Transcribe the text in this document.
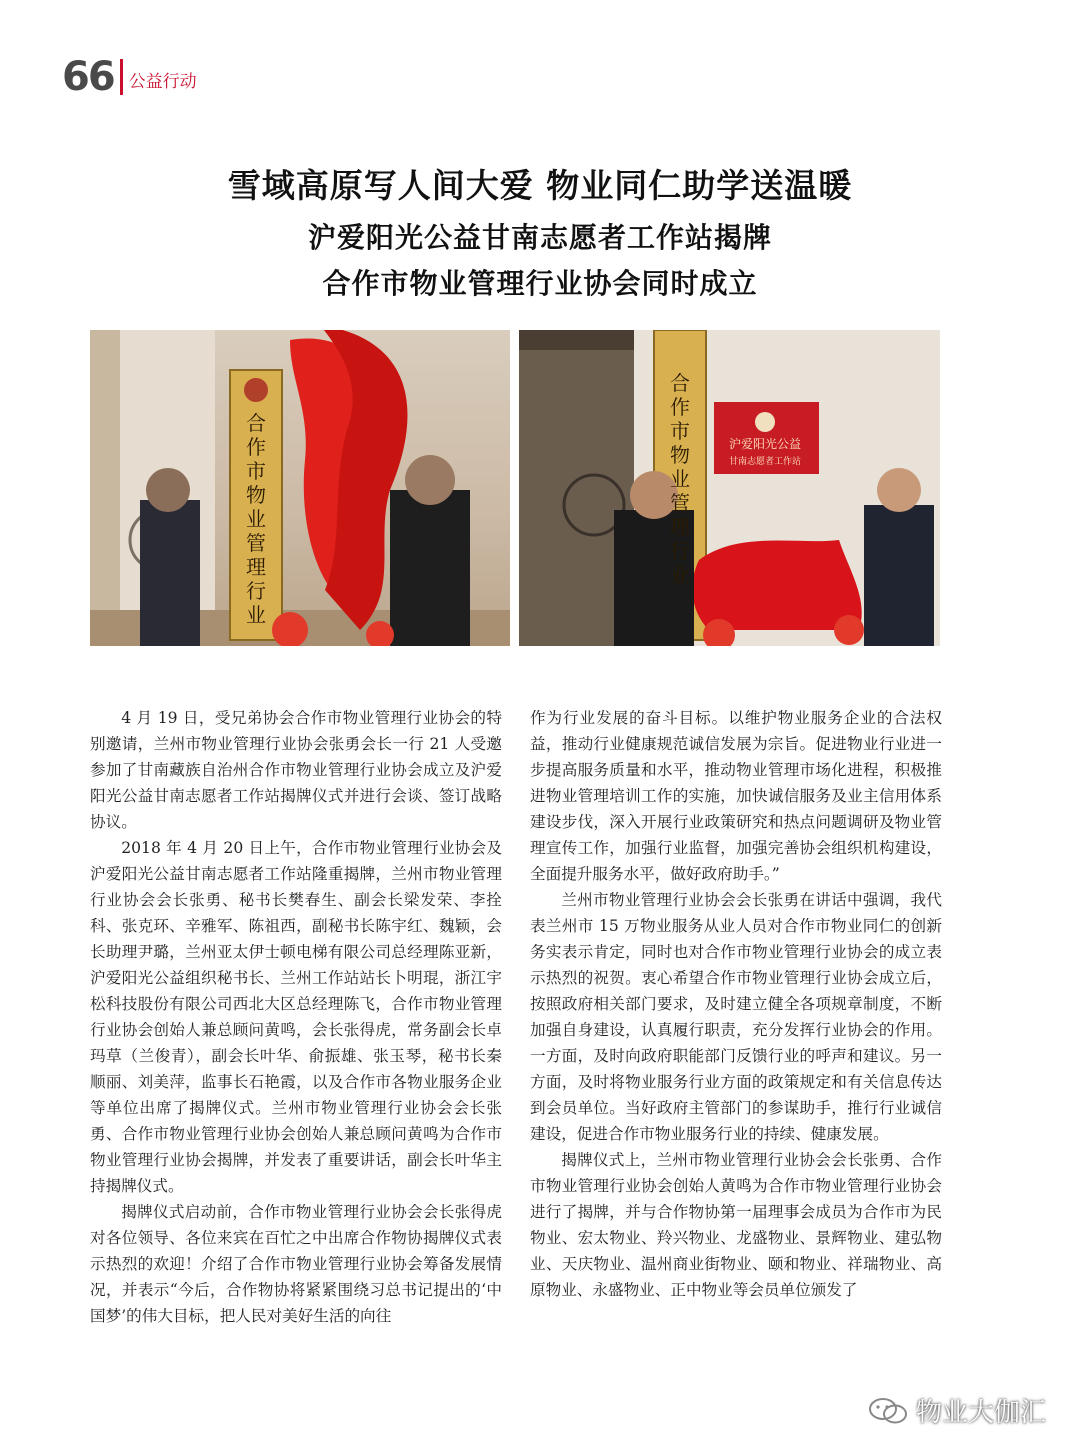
66 公益行动
雪域高原写人间大爱 物业同仁助学送温暖
沪爱阳光公益甘南志愿者工作站揭牌
合作市物业管理行业协会同时成立
合作市物业管理行业
沪爱阳光公益
甘南志愿者工作站
合作市物业管理行业

4 月 19 日，受兄弟协会合作市物业管理行业协会的特别邀请，兰州市物业管理行业协会张勇会长一行 21 人受邀参加了甘南藏族自治州合作市物业管理行业协会成立及沪爱阳光公益甘南志愿者工作站揭牌仪式并进行会谈、签订战略协议。

2018 年 4 月 20 日上午，合作市物业管理行业协会及沪爱阳光公益甘南志愿者工作站隆重揭牌，兰州市物业管理行业协会会长张勇、秘书长樊春生、副会长梁发荣、李拴科、张克环、辛雅军、陈祖西，副秘书长陈宇红、魏颖，会长助理尹璐，兰州亚太伊士顿电梯有限公司总经理陈亚新，沪爱阳光公益组织秘书长、兰州工作站站长卜明琨，浙江宇松科技股份有限公司西北大区总经理陈飞，合作市物业管理行业协会创始人兼总顾问黄鸣，会长张得虎，常务副会长卓玛草（兰俊青），副会长叶华、俞振雄、张玉琴，秘书长秦顺丽、刘美萍，监事长石艳霞，以及合作市各物业服务企业等单位出席了揭牌仪式。兰州市物业管理行业协会会长张勇、合作市物业管理行业协会创始人兼总顾问黄鸣为合作市物业管理行业协会揭牌，并发表了重要讲话，副会长叶华主持揭牌仪式。

揭牌仪式启动前，合作市物业管理行业协会会长张得虎对各位领导、各位来宾在百忙之中出席合作物协揭牌仪式表示热烈的欢迎！介绍了合作市物业管理行业协会筹备发展情况，并表示“今后，合作物协将紧紧围绕习总书记提出的‘中国梦’的伟大目标，把人民对美好生活的向往

作为行业发展的奋斗目标。以维护物业服务企业的合法权益，推动行业健康规范诚信发展为宗旨。促进物业行业进一步提高服务质量和水平，推动物业管理市场化进程，积极推进物业管理培训工作的实施，加快诚信服务及业主信用体系建设步伐，深入开展行业政策研究和热点问题调研及物业管理宣传工作，加强行业监督，加强完善协会组织机构建设，全面提升服务水平，做好政府助手。”

兰州市物业管理行业协会会长张勇在讲话中强调，我代表兰州市 15 万物业服务从业人员对合作市物业同仁的创新务实表示肯定，同时也对合作市物业管理行业协会的成立表示热烈的祝贺。衷心希望合作市物业管理行业协会成立后，按照政府相关部门要求，及时建立健全各项规章制度，不断加强自身建设，认真履行职责，充分发挥行业协会的作用。一方面，及时向政府职能部门反馈行业的呼声和建议。另一方面，及时将物业服务行业方面的政策规定和有关信息传达到会员单位。当好政府主管部门的参谋助手，推行行业诚信建设，促进合作市物业服务行业的持续、健康发展。

揭牌仪式上，兰州市物业管理行业协会会长张勇、合作市物业管理行业协会创始人黄鸣为合作市物业管理行业协会进行了揭牌，并与合作物协第一届理事会成员为合作市为民物业、宏太物业、羚兴物业、龙盛物业、景辉物业、建弘物业、天庆物业、温州商业街物业、颐和物业、祥瑞物业、高原物业、永盛物业、正中物业等会员单位颁发了

物业大伽汇
